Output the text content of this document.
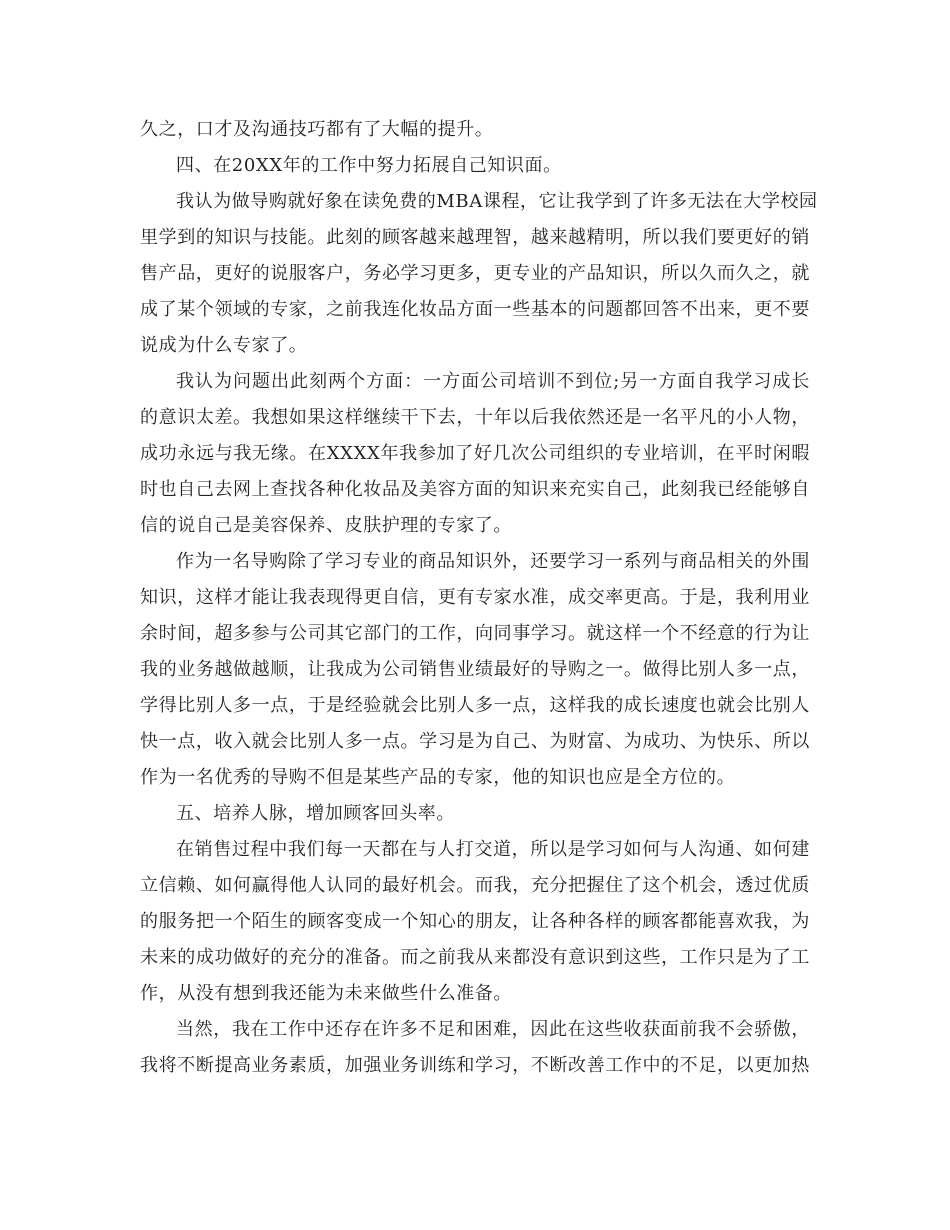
久之，口才及沟通技巧都有了大幅的提升。
四、在20XX年的工作中努力拓展自己知识面。
我认为做导购就好象在读免费的MBA课程，它让我学到了许多无法在大学校园
里学到的知识与技能。此刻的顾客越来越理智，越来越精明，所以我们要更好的销
售产品，更好的说服客户，务必学习更多，更专业的产品知识，所以久而久之，就
成了某个领域的专家，之前我连化妆品方面一些基本的问题都回答不出来，更不要
说成为什么专家了。
我认为问题出此刻两个方面：一方面公司培训不到位;另一方面自我学习成长
的意识太差。我想如果这样继续干下去，十年以后我依然还是一名平凡的小人物，
成功永远与我无缘。在XXXX年我参加了好几次公司组织的专业培训，在平时闲暇
时也自己去网上查找各种化妆品及美容方面的知识来充实自己，此刻我已经能够自
信的说自己是美容保养、皮肤护理的专家了。
作为一名导购除了学习专业的商品知识外，还要学习一系列与商品相关的外围
知识，这样才能让我表现得更自信，更有专家水准，成交率更高。于是，我利用业
余时间，超多参与公司其它部门的工作，向同事学习。就这样一个不经意的行为让
我的业务越做越顺，让我成为公司销售业绩最好的导购之一。做得比别人多一点，
学得比别人多一点，于是经验就会比别人多一点，这样我的成长速度也就会比别人
快一点，收入就会比别人多一点。学习是为自己、为财富、为成功、为快乐、所以
作为一名优秀的导购不但是某些产品的专家，他的知识也应是全方位的。
五、培养人脉，增加顾客回头率。
在销售过程中我们每一天都在与人打交道，所以是学习如何与人沟通、如何建
立信赖、如何赢得他人认同的最好机会。而我，充分把握住了这个机会，透过优质
的服务把一个陌生的顾客变成一个知心的朋友，让各种各样的顾客都能喜欢我，为
未来的成功做好的充分的准备。而之前我从来都没有意识到这些，工作只是为了工
作，从没有想到我还能为未来做些什么准备。
当然，我在工作中还存在许多不足和困难，因此在这些收获面前我不会骄傲，
我将不断提高业务素质，加强业务训练和学习，不断改善工作中的不足，以更加热
